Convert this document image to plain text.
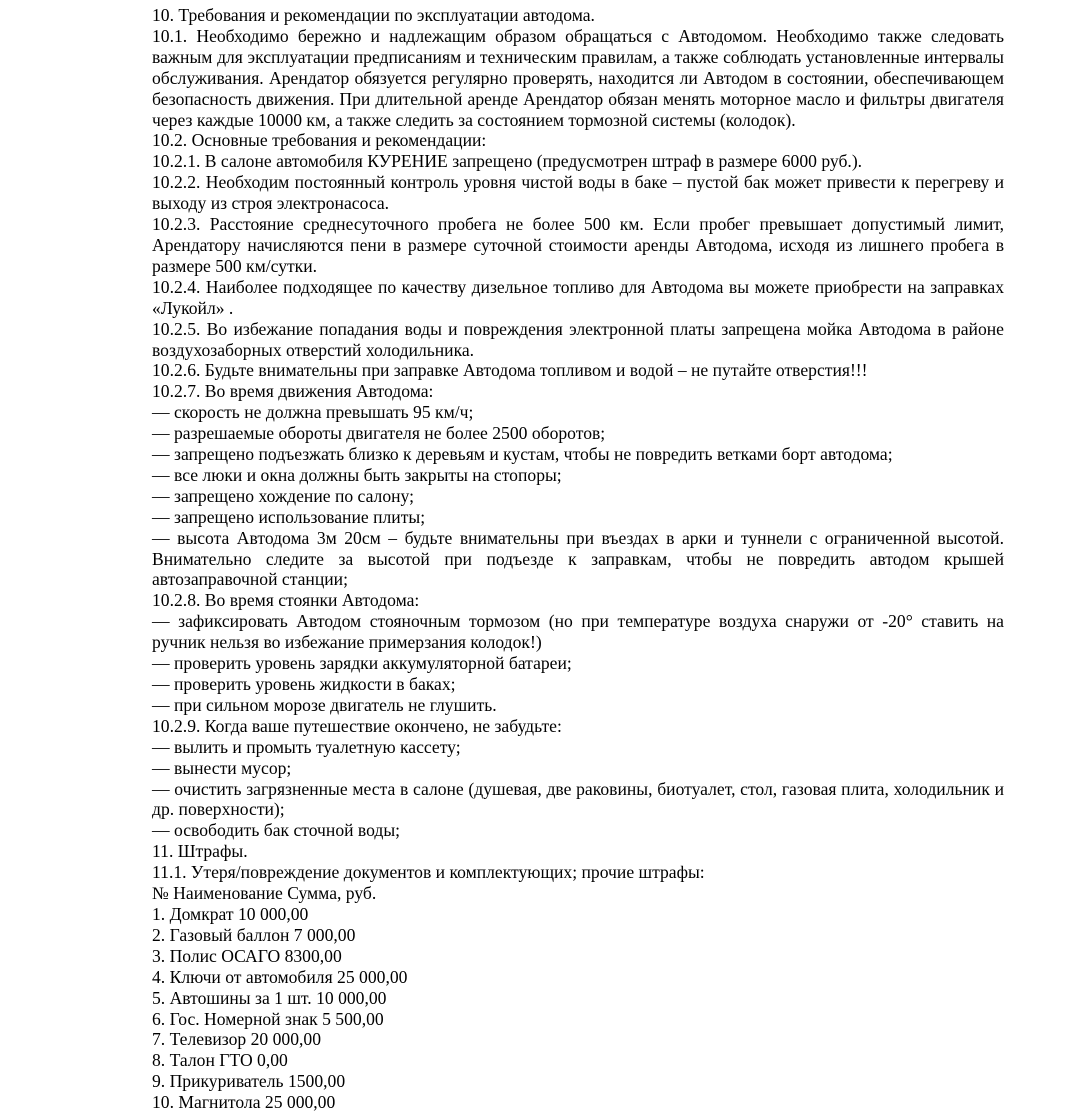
10. Требования и рекомендации по эксплуатации автодома.

10.1. Необходимо бережно и надлежащим образом обращаться с Автодомом. Необходимо также следовать важным для эксплуатации предписаниям и техническим правилам, а также соблюдать установленные интервалы обслуживания. Арендатор обязуется регулярно проверять, находится ли Автодом в состоянии, обеспечивающем безопасность движения. При длительной аренде Арендатор обязан менять моторное масло и фильтры двигателя через каждые 10000 км, а также следить за состоянием тормозной системы (колодок).

10.2. Основные требования и рекомендации:

10.2.1. В салоне автомобиля КУРЕНИЕ запрещено (предусмотрен штраф в размере 6000 руб.).

10.2.2. Необходим постоянный контроль уровня чистой воды в баке – пустой бак может привести к перегреву и выходу из строя электронасоса.

10.2.3. Расстояние среднесуточного пробега не более 500 км. Если пробег превышает допустимый лимит, Арендатору начисляются пени в размере суточной стоимости аренды Автодома, исходя из лишнего пробега в размере 500 км/сутки.

10.2.4. Наиболее подходящее по качеству дизельное топливо для Автодома вы можете приобрести на заправках «Лукойл» .

10.2.5. Во избежание попадания воды и повреждения электронной платы запрещена мойка Автодома в районе воздухозаборных отверстий холодильника.

10.2.6. Будьте внимательны при заправке Автодома топливом и водой – не путайте отверстия!!!

10.2.7. Во время движения Автодома:

— скорость не должна превышать 95 км/ч;

— разрешаемые обороты двигателя не более 2500 оборотов;

— запрещено подъезжать близко к деревьям и кустам, чтобы не повредить ветками борт автодома;

— все люки и окна должны быть закрыты на стопоры;

— запрещено хождение по салону;

— запрещено использование плиты;

— высота Автодома 3м 20см – будьте внимательны при въездах в арки и туннели с ограниченной высотой. Внимательно следите за высотой при подъезде к заправкам, чтобы не повредить автодом крышей автозаправочной станции;

10.2.8. Во время стоянки Автодома:

— зафиксировать Автодом стояночным тормозом (но при температуре воздуха снаружи от -20° ставить на ручник нельзя во избежание примерзания колодок!)

— проверить уровень зарядки аккумуляторной батареи;

— проверить уровень жидкости в баках;

— при сильном морозе двигатель не глушить.

10.2.9. Когда ваше путешествие окончено, не забудьте:

— вылить и промыть туалетную кассету;

— вынести мусор;

— очистить загрязненные места в салоне (душевая, две раковины, биотуалет, стол, газовая плита, холодильник и др. поверхности);

— освободить бак сточной воды;

11. Штрафы.

11.1. Утеря/повреждение документов и комплектующих; прочие штрафы:

№ Наименование Сумма, руб.

1. Домкрат 10 000,00

2. Газовый баллон 7 000,00

3. Полис ОСАГО 8300,00

4. Ключи от автомобиля 25 000,00

5. Автошины за 1 шт. 10 000,00

6. Гос. Номерной знак 5 500,00

7. Телевизор 20 000,00

8. Талон ГТО 0,00

9. Прикуриватель 1500,00

10. Магнитола 25 000,00
